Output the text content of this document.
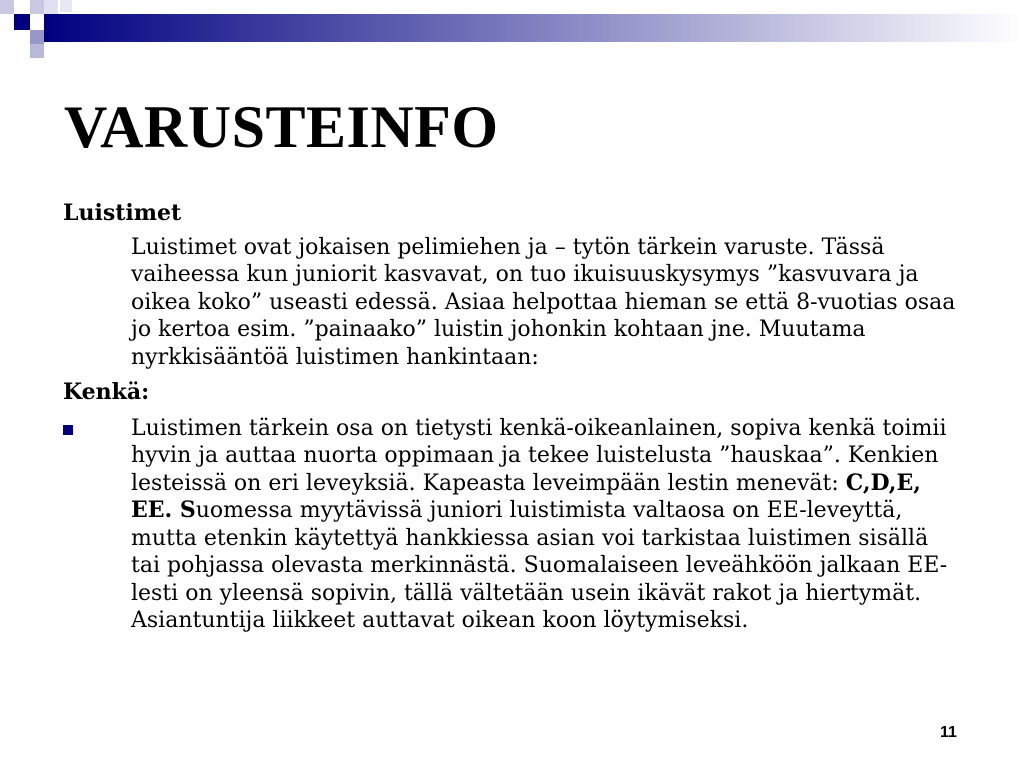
VARUSTEINFO

Luistimet

Luistimet ovat jokaisen pelimiehen ja – tytön tärkein varuste. Tässä vaiheessa kun juniorit kasvavat, on tuo ikuisuuskysymys ”kasvuvara ja oikea koko” useasti edessä. Asiaa helpottaa hieman se että 8-vuotias osaa jo kertoa esim. ”painaako” luistin johonkin kohtaan jne. Muutama nyrkkisääntöä luistimen hankintaan:

Kenkä:

Luistimen tärkein osa on tietysti kenkä-oikeanlainen, sopiva kenkä toimii hyvin ja auttaa nuorta oppimaan ja tekee luistelusta ”hauskaa”. Kenkien lesteissä on eri leveyksiä. Kapeasta leveimpään lestin menevät: C,D,E, EE. Suomessa myytävissä juniori luistimista valtaosa on EE-leveyttä, mutta etenkin käytettyä hankkiessa asian voi tarkistaa luistimen sisällä tai pohjassa olevasta merkinnästä. Suomalaiseen leveähköön jalkaan EE-lesti on yleensä sopivin, tällä vältetään usein ikävät rakot ja hiertymät. Asiantuntija liikkeet auttavat oikean koon löytymiseksi.
11
